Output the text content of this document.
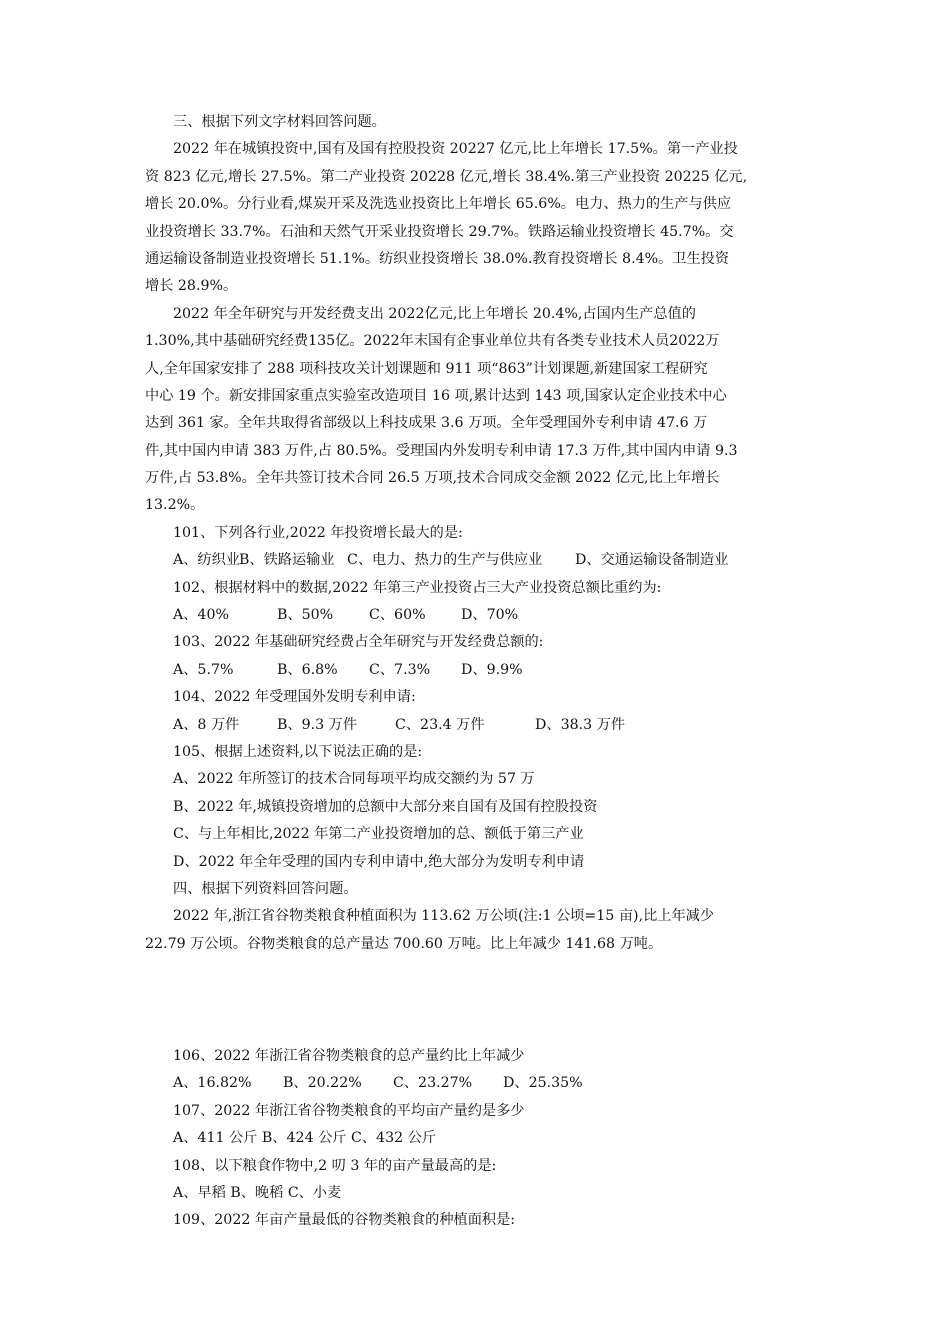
三、根据下列文字材料回答问题。
2022 年在城镇投资中,国有及国有控股投资 20227 亿元,比上年增长 17.5%。第一产业投
资 823 亿元,增长 27.5%。第二产业投资 20228 亿元,增长 38.4%.第三产业投资 20225 亿元,
增长 20.0%。分行业看,煤炭开采及洗选业投资比上年增长 65.6%。电力、热力的生产与供应
业投资增长 33.7%。石油和天然气开采业投资增长 29.7%。铁路运输业投资增长 45.7%。交
通运输设备制造业投资增长 51.1%。纺织业投资增长 38.0%.教育投资增长 8.4%。卫生投资
增长 28.9%。
2022 年全年研究与开发经费支出 2022亿元,比上年增长 20.4%,占国内生产总值的
1.30%,其中基础研究经费135亿。2022年末国有企事业单位共有各类专业技术人员2022万
人,全年国家安排了 288 项科技攻关计划课题和 911 项“863”计划课题,新建国家工程研究
中心 19 个。新安排国家重点实验室改造项目 16 项,累计达到 143 项,国家认定企业技术中心
达到 361 家。全年共取得省部级以上科技成果 3.6 万项。全年受理国外专利申请 47.6 万
件,其中国内申请 383 万件,占 80.5%。受理国内外发明专利申请 17.3 万件,其中国内申请 9.3
万件,占 53.8%。全年共签订技术合同 26.5 万项,技术合同成交金额 2022 亿元,比上年增长
13.2%。
101、下列各行业,2022 年投资增长最大的是:
A、纺织业B、铁路运输业 C、电力、热力的生产与供应业 D、交通运输设备制造业
102、根据材料中的数据,2022 年第三产业投资占三大产业投资总额比重约为:
A、40%	B、50%	C、60% D、70%
103、2022 年基础研究经费占全年研究与开发经费总额的:
A、5.7%	B、6.8% C、7.3% D、9.9%
104、2022 年受理国外发明专利申请:
A、8 万件	B、9.3 万件	C、23.4 万件	D、38.3 万件
105、根据上述资料,以下说法正确的是:
A、2022 年所签订的技术合同每项平均成交额约为 57 万
B、2022 年,城镇投资增加的总额中大部分来自国有及国有控股投资
C、与上年相比,2022 年第二产业投资增加的总、额低于第三产业
D、2022 年全年受理的国内专利申请中,绝大部分为发明专利申请
四、根据下列资料回答问题。
2022 年,浙江省谷物类粮食种植面积为 113.62 万公顷(注:1 公顷=15 亩),比上年减少
22.79 万公顷。谷物类粮食的总产量达 700.60 万吨。比上年减少 141.68 万吨。
106、2022 年浙江省谷物类粮食的总产量约比上年减少
A、16.82% B、20.22% C、23.27% D、25.35%
107、2022 年浙江省谷物类粮食的平均亩产量约是多少
A、411 公斤 B、424 公斤 C、432 公斤
108、以下粮食作物中,2 叨 3 年的亩产量最高的是:
A、早稻 B、晚稻 C、小麦
109、2022 年亩产量最低的谷物类粮食的种植面积是:
